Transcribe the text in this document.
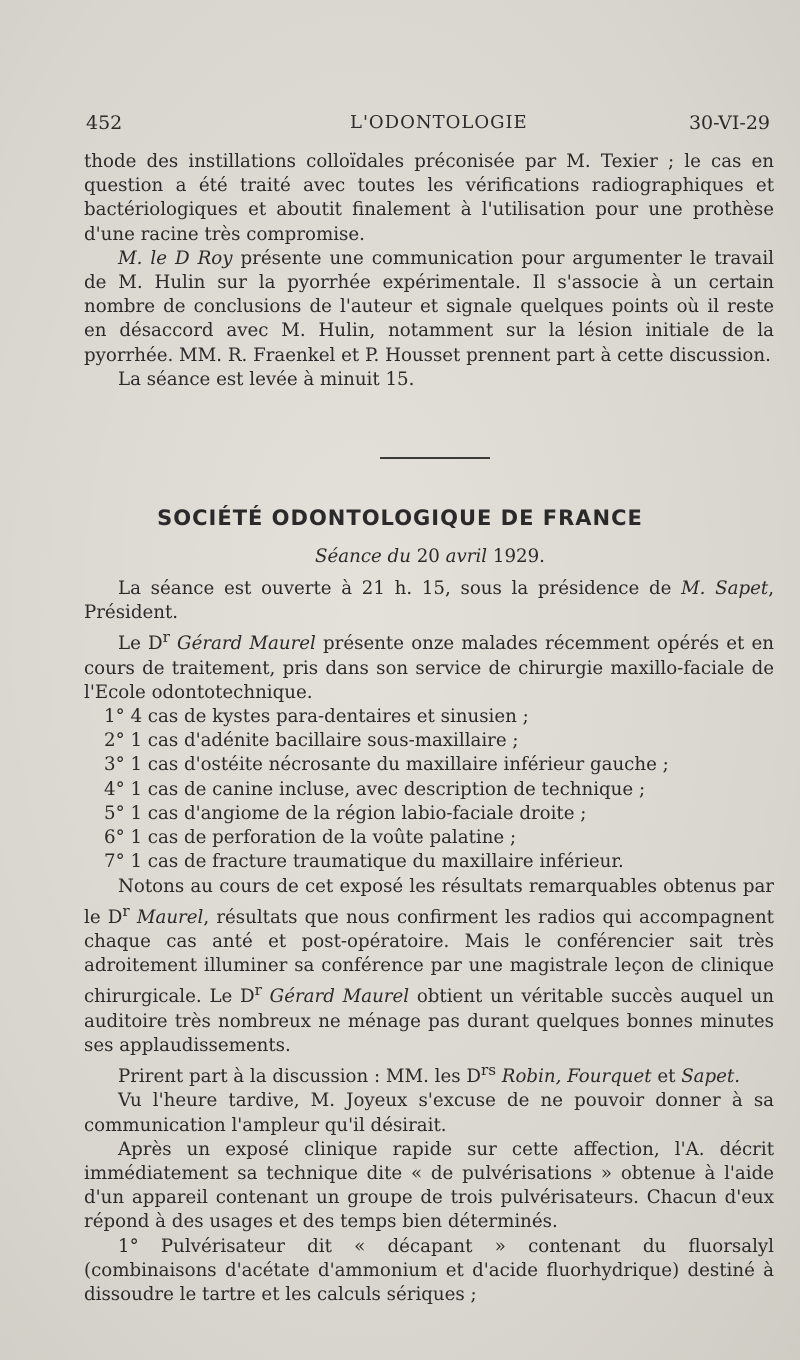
452	L'ODONTOLOGIE	30-VI-29

thode des instillations colloïdales préconisée par M. Texier ; le cas en question a été traité avec toutes les vérifications radiographiques et bactériologiques et aboutit finalement à l'utilisation pour une prothèse d'une racine très compromise.

M. le D Roy présente une communication pour argumenter le travail de M. Hulin sur la pyorrhée expérimentale. Il s'associe à un certain nombre de conclusions de l'auteur et signale quelques points où il reste en désaccord avec M. Hulin, notamment sur la lésion initiale de la pyorrhée. MM. R. Fraenkel et P. Housset prennent part à cette discussion.

La séance est levée à minuit 15.

SOCIÉTÉ ODONTOLOGIQUE DE FRANCE
Séance du 20 avril 1929.

La séance est ouverte à 21 h. 15, sous la présidence de M. Sapet, Président.

Le $D^r$ Gérard Maurel présente onze malades récemment opérés et en cours de traitement, pris dans son service de chirurgie maxillo-faciale de l'Ecole odontotechnique.

1° 4 cas de kystes para-dentaires et sinusien ;

2° 1 cas d'adénite bacillaire sous-maxillaire ;

3° 1 cas d'ostéite nécrosante du maxillaire inférieur gauche ;

4° 1 cas de canine incluse, avec description de technique ;

5° 1 cas d'angiome de la région labio-faciale droite ;

6° 1 cas de perforation de la voûte palatine ;

7° 1 cas de fracture traumatique du maxillaire inférieur.

Notons au cours de cet exposé les résultats remarquables obtenus par le $D^r$ Maurel, résultats que nous confirment les radios qui accompagnent chaque cas anté et post-opératoire. Mais le conférencier sait très adroitement illuminer sa conférence par une magistrale leçon de clinique chirurgicale. Le $D^r$ Gérard Maurel obtient un véritable succès auquel un auditoire très nombreux ne ménage pas durant quelques bonnes minutes ses applaudissements.

Prirent part à la discussion : MM. les $D^{rs}$ Robin, Fourquet et Sapet.

Vu l'heure tardive, M. Joyeux s'excuse de ne pouvoir donner à sa communication l'ampleur qu'il désirait.

Après un exposé clinique rapide sur cette affection, l'A. décrit immédiatement sa technique dite « de pulvérisations » obtenue à l'aide d'un appareil contenant un groupe de trois pulvérisateurs. Chacun d'eux répond à des usages et des temps bien déterminés.

1° Pulvérisateur dit « décapant » contenant du fluorsalyl (combinaisons d'acétate d'ammonium et d'acide fluorhydrique) destiné à dissoudre le tartre et les calculs sériques ;
